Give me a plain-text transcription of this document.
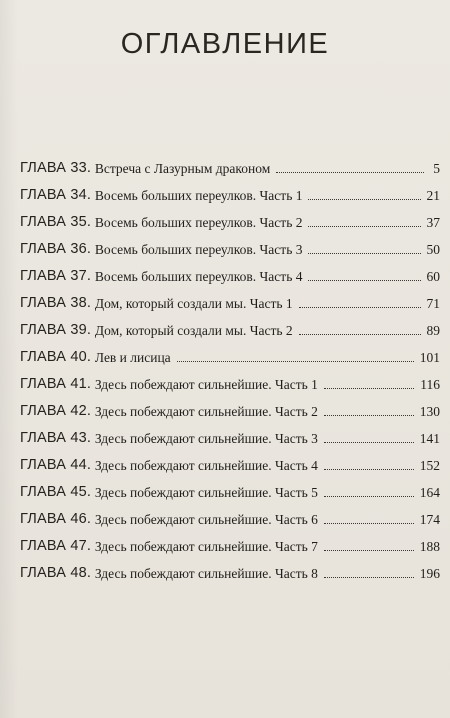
ОГЛАВЛЕНИЕ
ГЛАВА 33 . Встреча с Лазурным драконом	5
ГЛАВА 34 . Восемь больших переулков. Часть 1	21
ГЛАВА 35 . Восемь больших переулков. Часть 2	37
ГЛАВА 36 . Восемь больших переулков. Часть 3	50
ГЛАВА 37 . Восемь больших переулков. Часть 4	60
ГЛАВА 38 . Дом, который создали мы. Часть 1	71
ГЛАВА 39 . Дом, который создали мы. Часть 2	89
ГЛАВА 40 . Лев и лисица	101
ГЛАВА 41 . Здесь побеждают сильнейшие. Часть 1	116
ГЛАВА 42 . Здесь побеждают сильнейшие. Часть 2	130
ГЛАВА 43 . Здесь побеждают сильнейшие. Часть 3	141
ГЛАВА 44 . Здесь побеждают сильнейшие. Часть 4	152
ГЛАВА 45 . Здесь побеждают сильнейшие. Часть 5	164
ГЛАВА 46 . Здесь побеждают сильнейшие. Часть 6	174
ГЛАВА 47 . Здесь побеждают сильнейшие. Часть 7	188
ГЛАВА 48 . Здесь побеждают сильнейшие. Часть 8	196
